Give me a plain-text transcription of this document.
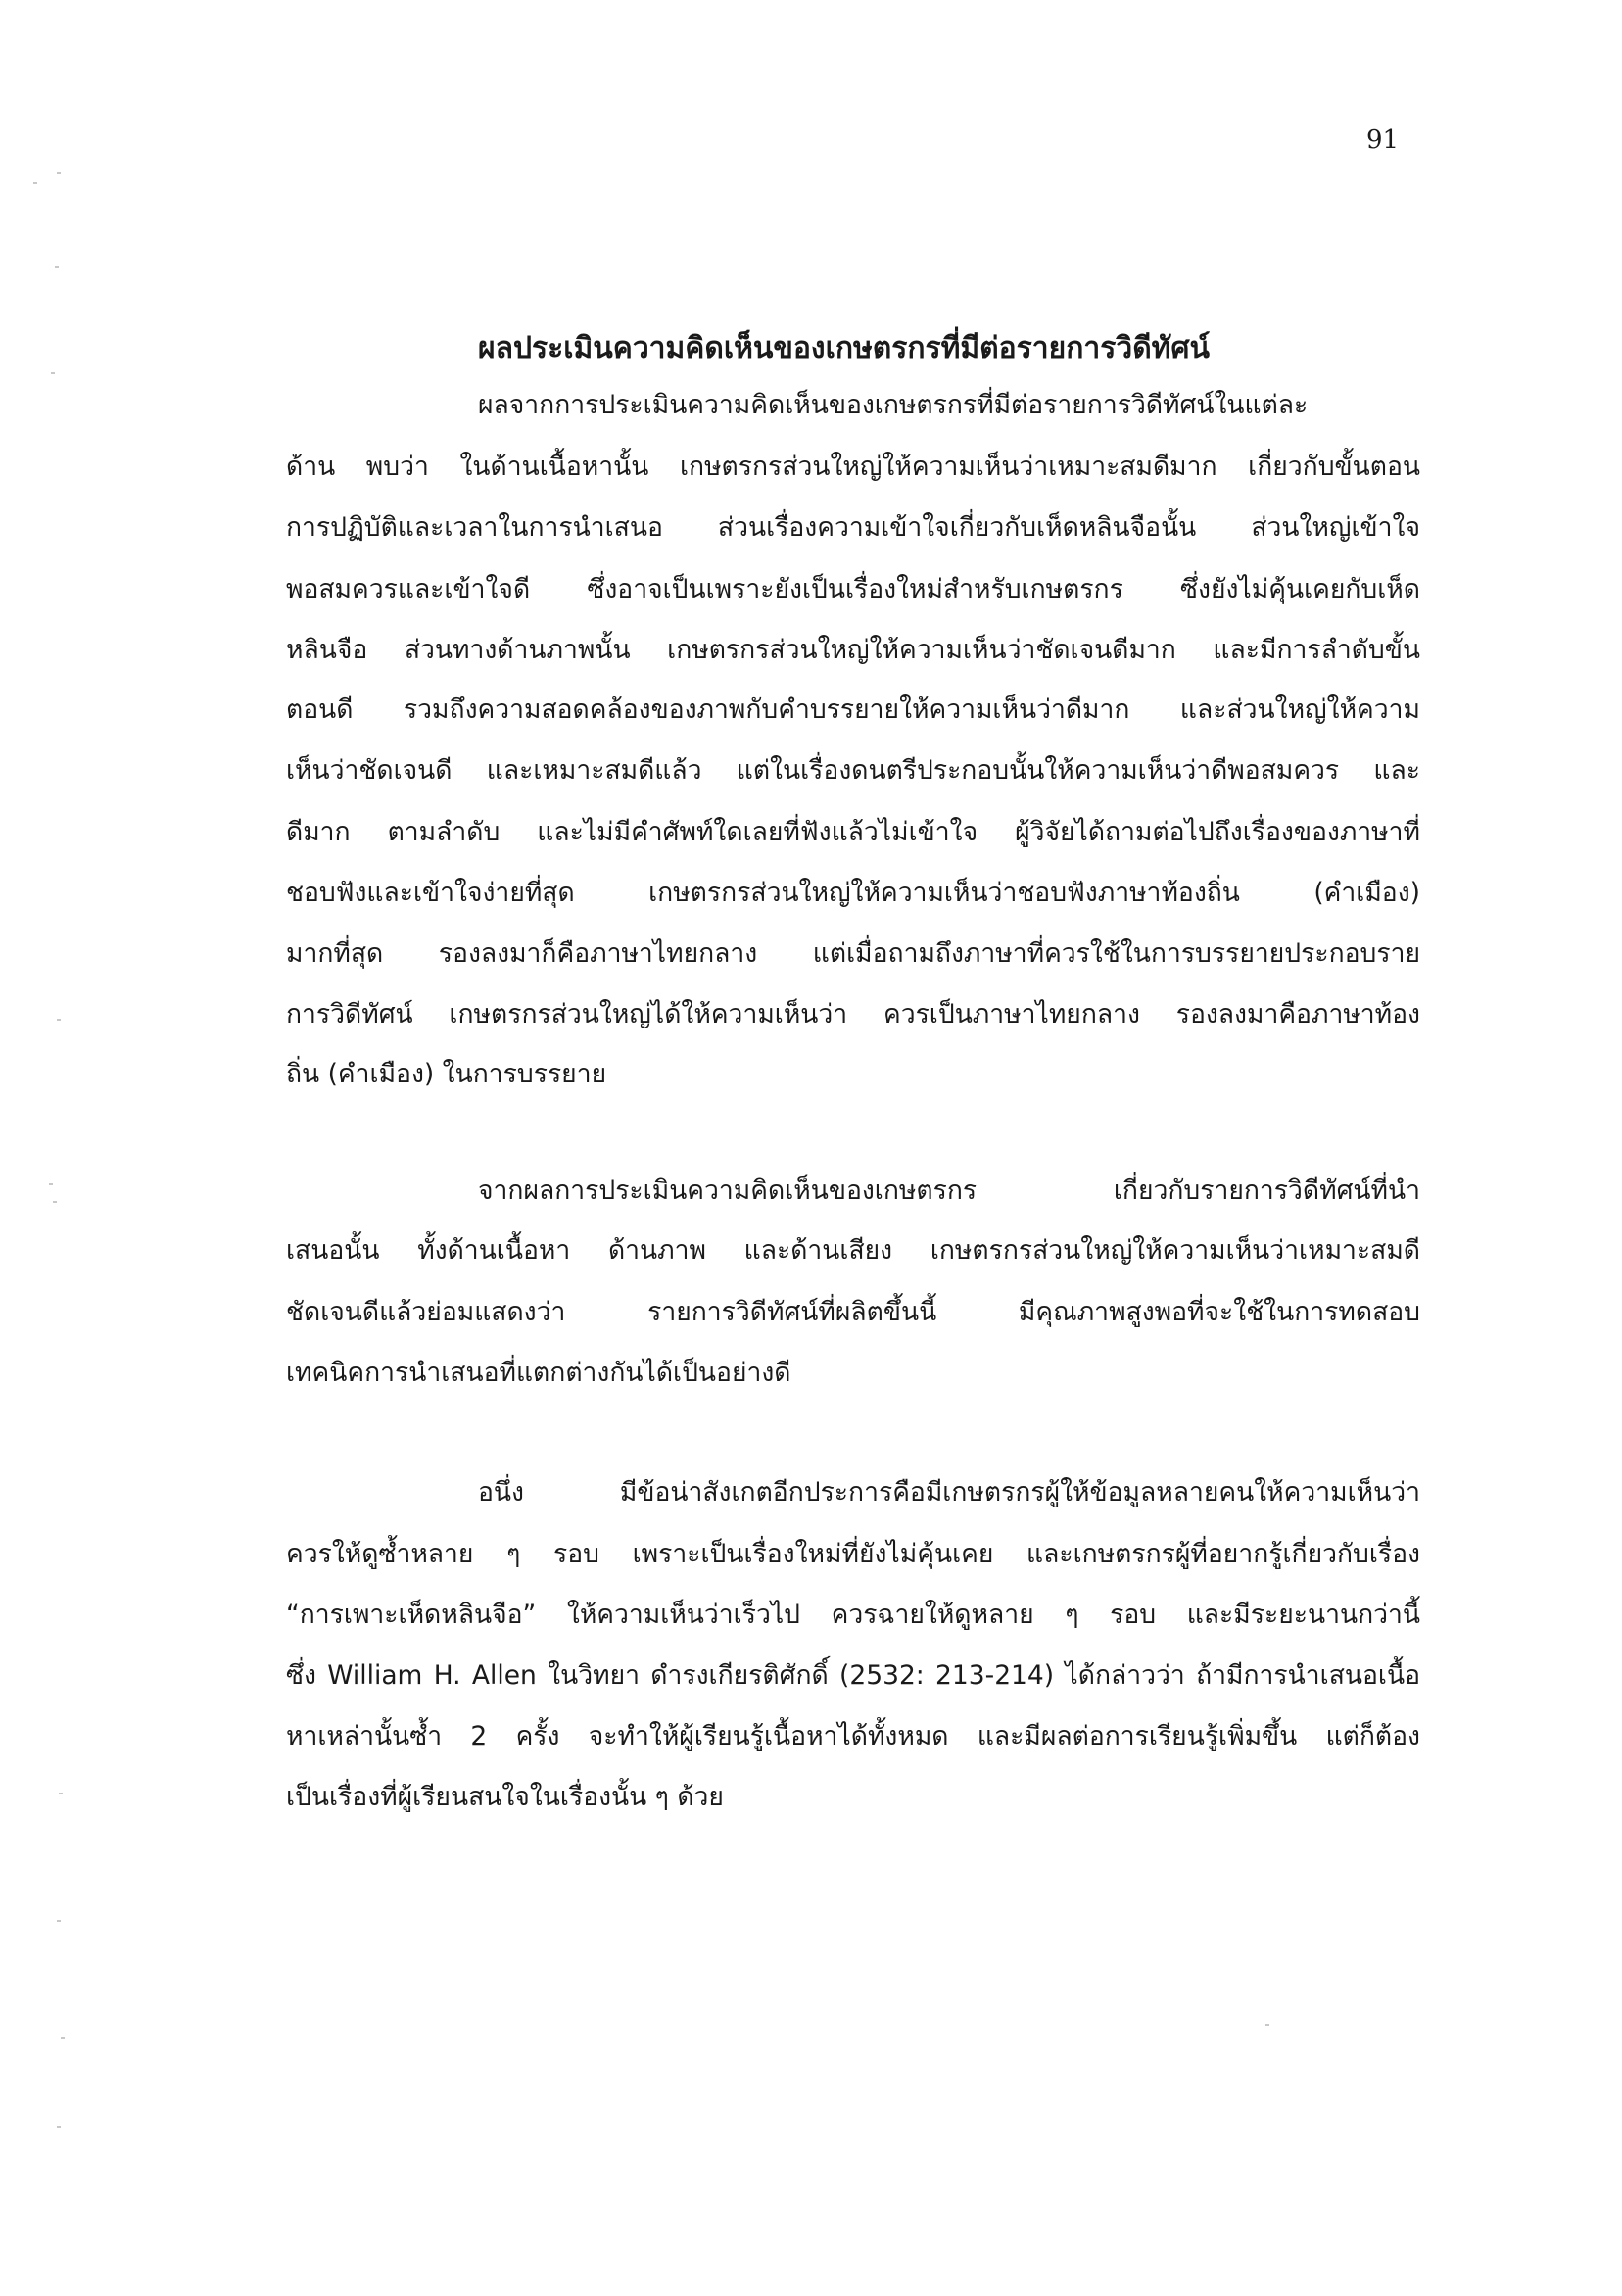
91
ผลประเมินความคิดเห็นของเกษตรกรที่มีต่อรายการวิดีทัศน์
ผลจากการประเมินความคิดเห็นของเกษตรกรที่มีต่อรายการวิดีทัศน์ในแต่ละ
ด้าน พบว่า ในด้านเนื้อหานั้น เกษตรกรส่วนใหญ่ให้ความเห็นว่าเหมาะสมดีมาก เกี่ยวกับขั้นตอน
การปฏิบัติและเวลาในการนำเสนอ ส่วนเรื่องความเข้าใจเกี่ยวกับเห็ดหลินจือนั้น ส่วนใหญ่เข้าใจ
พอสมควรและเข้าใจดี ซึ่งอาจเป็นเพราะยังเป็นเรื่องใหม่สำหรับเกษตรกร ซึ่งยังไม่คุ้นเคยกับเห็ด
หลินจือ ส่วนทางด้านภาพนั้น เกษตรกรส่วนใหญ่ให้ความเห็นว่าชัดเจนดีมาก และมีการลำดับขั้น
ตอนดี รวมถึงความสอดคล้องของภาพกับคำบรรยายให้ความเห็นว่าดีมาก และส่วนใหญ่ให้ความ
เห็นว่าชัดเจนดี และเหมาะสมดีแล้ว แต่ในเรื่องดนตรีประกอบนั้นให้ความเห็นว่าดีพอสมควร และ
ดีมาก ตามลำดับ และไม่มีคำศัพท์ใดเลยที่ฟังแล้วไม่เข้าใจ ผู้วิจัยได้ถามต่อไปถึงเรื่องของภาษาที่
ชอบฟังและเข้าใจง่ายที่สุด เกษตรกรส่วนใหญ่ให้ความเห็นว่าชอบฟังภาษาท้องถิ่น (คำเมือง)
มากที่สุด รองลงมาก็คือภาษาไทยกลาง แต่เมื่อถามถึงภาษาที่ควรใช้ในการบรรยายประกอบราย
การวิดีทัศน์ เกษตรกรส่วนใหญ่ได้ให้ความเห็นว่า ควรเป็นภาษาไทยกลาง รองลงมาคือภาษาท้อง
ถิ่น (คำเมือง) ในการบรรยาย
จากผลการประเมินความคิดเห็นของเกษตรกร เกี่ยวกับรายการวิดีทัศน์ที่นำ
เสนอนั้น ทั้งด้านเนื้อหา ด้านภาพ และด้านเสียง เกษตรกรส่วนใหญ่ให้ความเห็นว่าเหมาะสมดี
ชัดเจนดีแล้วย่อมแสดงว่า รายการวิดีทัศน์ที่ผลิตขึ้นนี้ มีคุณภาพสูงพอที่จะใช้ในการทดสอบ
เทคนิคการนำเสนอที่แตกต่างกันได้เป็นอย่างดี
อนึ่ง มีข้อน่าสังเกตอีกประการคือมีเกษตรกรผู้ให้ข้อมูลหลายคนให้ความเห็นว่า
ควรให้ดูซ้ำหลาย ๆ รอบ เพราะเป็นเรื่องใหม่ที่ยังไม่คุ้นเคย และเกษตรกรผู้ที่อยากรู้เกี่ยวกับเรื่อง
“การเพาะเห็ดหลินจือ” ให้ความเห็นว่าเร็วไป ควรฉายให้ดูหลาย ๆ รอบ และมีระยะนานกว่านี้
ซึ่ง William H. Allen ในวิทยา ดำรงเกียรติศักดิ์ (2532: 213-214) ได้กล่าวว่า ถ้ามีการนำเสนอเนื้อ
หาเหล่านั้นซ้ำ 2 ครั้ง จะทำให้ผู้เรียนรู้เนื้อหาได้ทั้งหมด และมีผลต่อการเรียนรู้เพิ่มขึ้น แต่ก็ต้อง
เป็นเรื่องที่ผู้เรียนสนใจในเรื่องนั้น ๆ ด้วย
